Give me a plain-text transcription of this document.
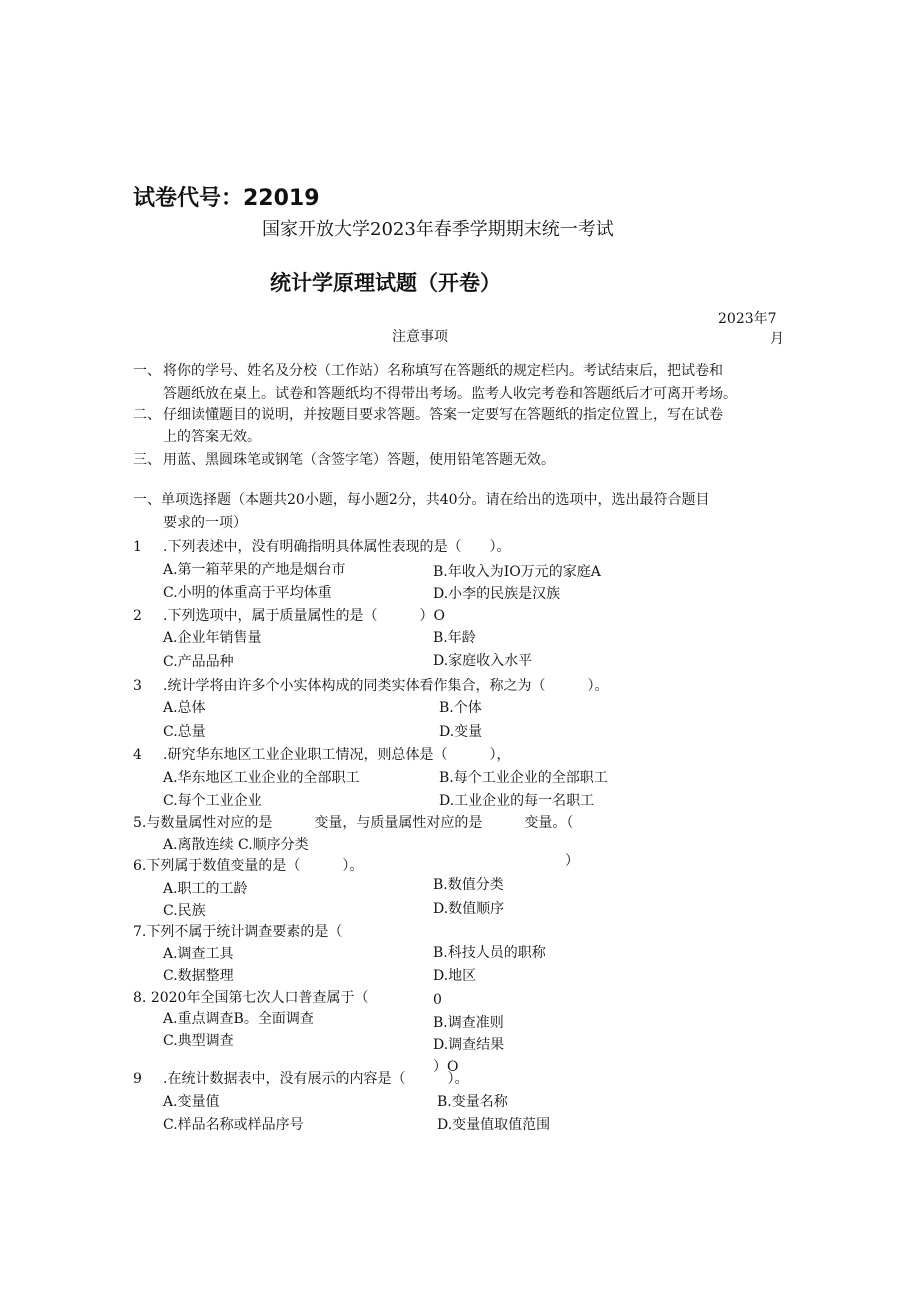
试卷代号：22019
国家开放大学2023年春季学期期末统一考试
统计学原理试题（开卷）
2023年7
月
注意事项
一、 将你的学号、姓名及分校（工作站）名称填写在答题纸的规定栏内。考试结束后，把试卷和
答题纸放在桌上。试卷和答题纸均不得带出考场。监考人收完考卷和答题纸后才可离开考场。
二、 仔细读懂题目的说明，并按题目要求答题。答案一定要写在答题纸的指定位置上，写在试卷
上的答案无效。
三、 用蓝、黑圆珠笔或钢笔（含签字笔）答题，使用铅笔答题无效。
一、单项选择题（本题共20小题，每小题2分，共40分。请在给出的选项中，选出最符合题目
要求的一项）
1 .下列表述中，没有明确指明具体属性表现的是（　　）。
A.第一箱苹果的产地是烟台市	B.年收入为IO万元的家庭A
C.小明的体重高于平均体重	D.小李的民族是汉族
2 .下列选项中，属于质量属性的是（　　　）O
A.企业年销售量	B.年龄
C.产品品种	D.家庭收入水平
3 .统计学将由许多个小实体构成的同类实体看作集合，称之为（　　　）。
A.总体	B.个体
C.总量	D.变量
4 .研究华东地区工业企业职工情况，则总体是（　　　），
A.华东地区工业企业的全部职工	B.每个工业企业的全部职工
C.每个工业企业	D.工业企业的每一名职工
5.与数量属性对应的是　　　变量，与质量属性对应的是　　　变量。（
A.离散连续 C.顺序分类
）
6.下列属于数值变量的是（　　　）。
A.职工的工龄	B.数值分类
C.民族	D.数值顺序
7.下列不属于统计调查要素的是（
A.调查工具	B.科技人员的职称
C.数据整理	D.地区
8. 2020年全国第七次人口普查属于（	0
A.重点调查B。全面调查	B.调查准则
C.典型调查	D.调查结果
）O
9 .在统计数据表中，没有展示的内容是（　　　）。
A.变量值	B.变量名称
C.样品名称或样品序号	D.变量值取值范围
